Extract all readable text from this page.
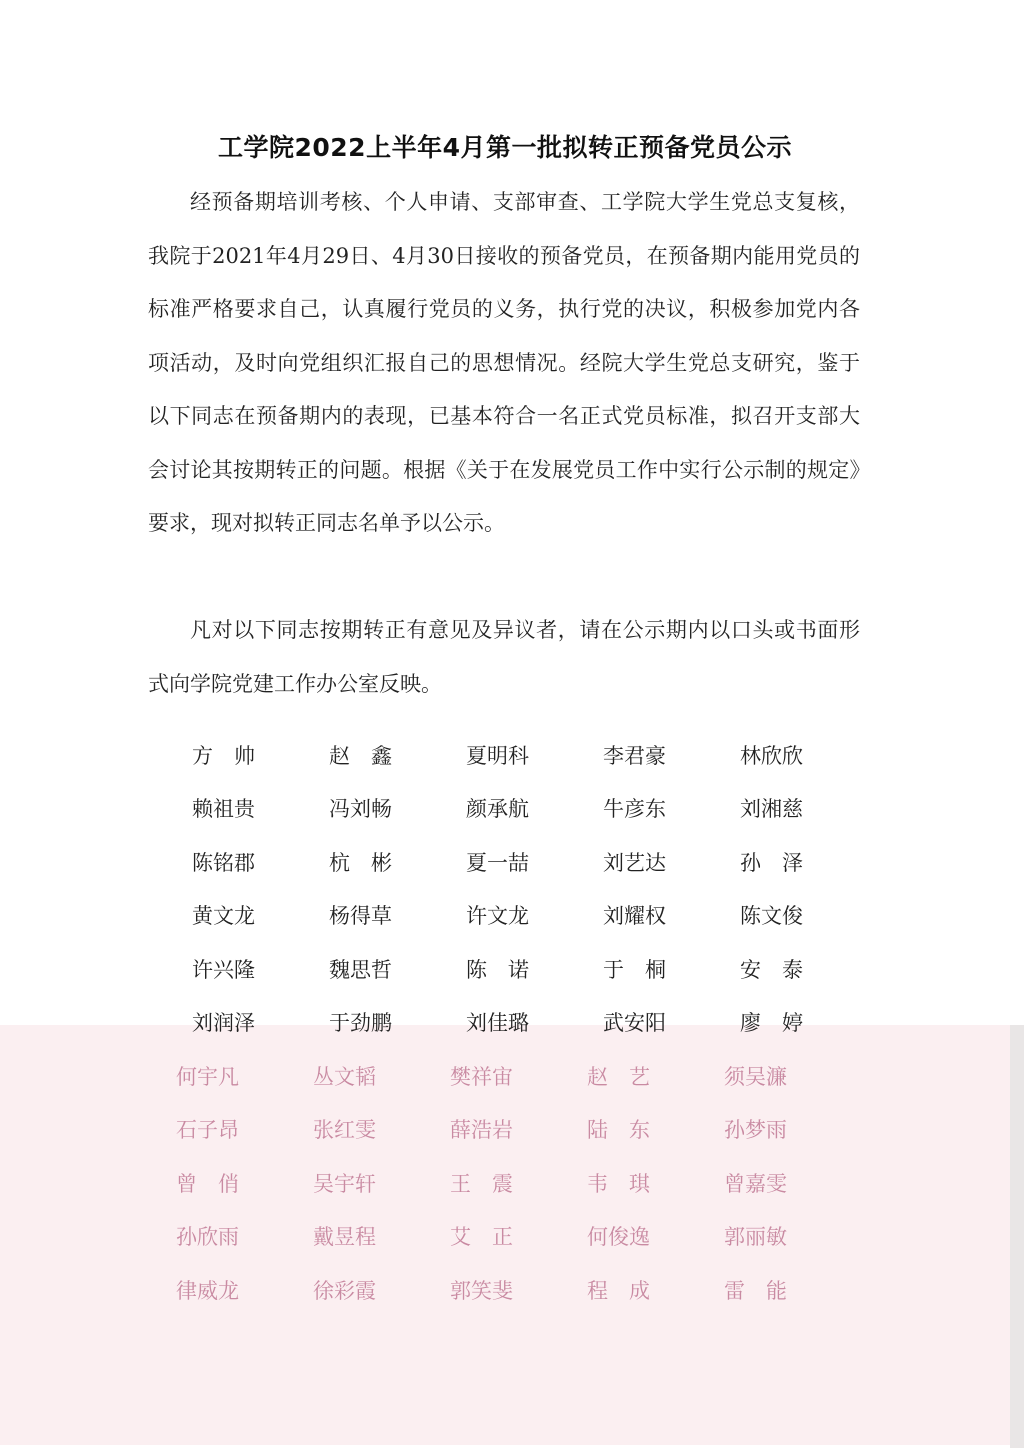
工学院2022上半年4月第一批拟转正预备党员公示

经预备期培训考核、个人申请、支部审查、工学院大学生党总支复核，我院于2021年4月29日、4月30日接收的预备党员，在预备期内能用党员的标准严格要求自己，认真履行党员的义务，执行党的决议，积极参加党内各项活动，及时向党组织汇报自己的思想情况。经院大学生党总支研究，鉴于以下同志在预备期内的表现，已基本符合一名正式党员标准，拟召开支部大会讨论其按期转正的问题。根据《关于在发展党员工作中实行公示制的规定》要求，现对拟转正同志名单予以公示。

凡对以下同志按期转正有意见及异议者，请在公示期内以口头或书面形式向学院党建工作办公室反映。

方　帅	赵　鑫	夏明科	李君豪	林欣欣
赖祖贵	冯刘畅	颜承航	牛彦东	刘湘慈
陈铭郡	杭　彬	夏一喆	刘艺达	孙　泽
黄文龙	杨得草	许文龙	刘耀权	陈文俊
许兴隆	魏思哲	陈　诺	于　桐	安　泰
刘润泽	于劲鹏	刘佳璐	武安阳	廖　婷
何宇凡	丛文韬	樊祥宙	赵　艺	须吴濂
石子昂	张红雯	薛浩岩	陆　东	孙梦雨
曾　俏	吴宇轩	王　震	韦　琪	曾嘉雯
孙欣雨	戴昱程	艾　正	何俊逸	郭丽敏
律威龙	徐彩霞	郭笑斐	程　成	雷　能
